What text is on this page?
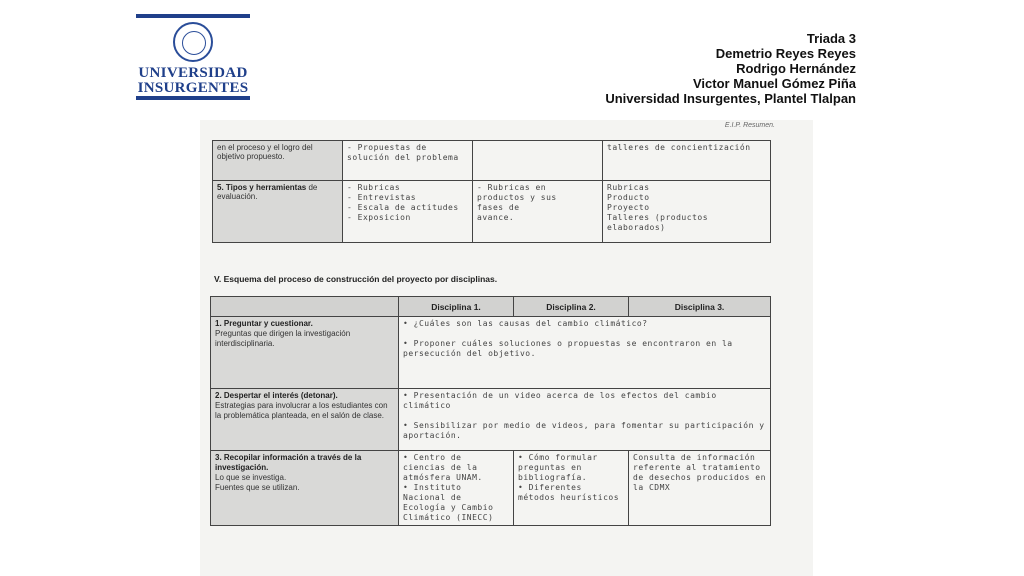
UNIVERSIDAD
INSURGENTES
Triada 3
Demetrio Reyes Reyes
Rodrigo Hernández
Victor Manuel Gómez Piña
Universidad Insurgentes, Plantel Tlalpan
E.I.P. Resumen.
en el proceso y el logro del objetivo propuesto.	- Propuestas de solución del problema		talleres de concientización
5. Tipos y herramientas de evaluación.	- Rubricas
- Entrevistas
- Escala de actitudes
- Exposicion	- Rubricas en
productos y sus
fases de
avance.	Rubricas
Producto
Proyecto
Talleres (productos elaborados)
V. Esquema del proceso de construcción del proyecto por disciplinas.
	Disciplina 1.	Disciplina 2.	Disciplina 3.
1. Preguntar y cuestionar.
Preguntas que dirigen la investigación interdisciplinaria.	• ¿Cuáles son las causas del cambio climático?

• Proponer cuáles soluciones o propuestas se encontraron en la persecución del objetivo.		
2. Despertar el interés (detonar).
Estrategias para involucrar a los estudiantes con la problemática planteada, en el salón de clase.	• Presentación de un video acerca de los efectos del cambio climático

• Sensibilizar por medio de videos, para fomentar su participación y aportación.		
3. Recopilar información a través de la investigación.
Lo que se investiga.
Fuentes que se utilizan.	• Centro de ciencias de la atmósfera UNAM.
• Instituto Nacional de Ecología y Cambio Climático (INECC)	• Cómo formular preguntas en bibliografía.
• Diferentes métodos heurísticos	Consulta de información referente al tratamiento de desechos producidos en la CDMX
